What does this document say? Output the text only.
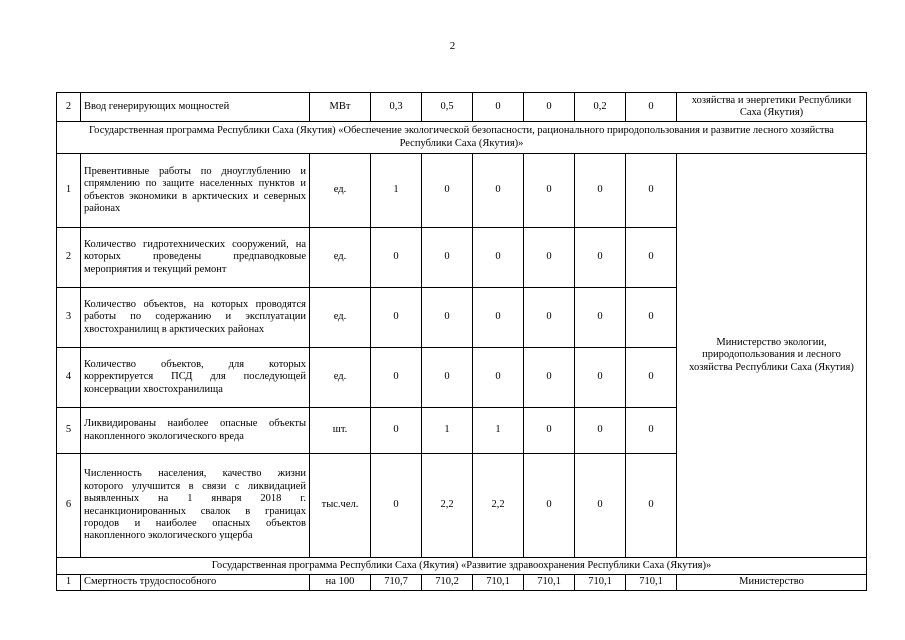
2
2	Ввод генерирующих мощностей	МВт	0,3	0,5	0	0	0,2	0	хозяйства и энергетики Республики Саха (Якутия)
Государственная программа Республики Саха (Якутия) «Обеспечение экологической безопасности, рационального природопользования и развитие лесного хозяйства Республики Саха (Якутия)»									
1	Превентивные работы по дноуглублению и спрямлению по защите населенных пунктов и объектов экономики в арктических и северных районах	ед.	1	0	0	0	0	0	Министерство экологии, природопользования и лесного хозяйства Республики Саха (Якутия)
2	Количество гидротехнических сооружений, на которых проведены предпаводковые мероприятия и текущий ремонт	ед.	0	0	0	0	0	0	
3	Количество объектов, на которых проводятся работы по содержанию и эксплуатации хвостохранилищ в арктических районах	ед.	0	0	0	0	0	0	
4	Количество объектов, для которых корректируется ПСД для последующей консервации хвостохранилища	ед.	0	0	0	0	0	0	
5	Ликвидированы наиболее опасные объекты накопленного экологического вреда	шт.	0	1	1	0	0	0	
6	Численность населения, качество жизни которого улучшится в связи с ликвидацией выявленных на 1 января 2018 г. несанкционированных свалок в границах городов и наиболее опасных объектов накопленного экологического ущерба	тыс.чел.	0	2,2	2,2	0	0	0	
Государственная программа Республики Саха (Якутия) «Развитие здравоохранения Республики Саха (Якутия)»									
1	Смертность трудоспособного	на 100	710,7	710,2	710,1	710,1	710,1	710,1	Министерство
